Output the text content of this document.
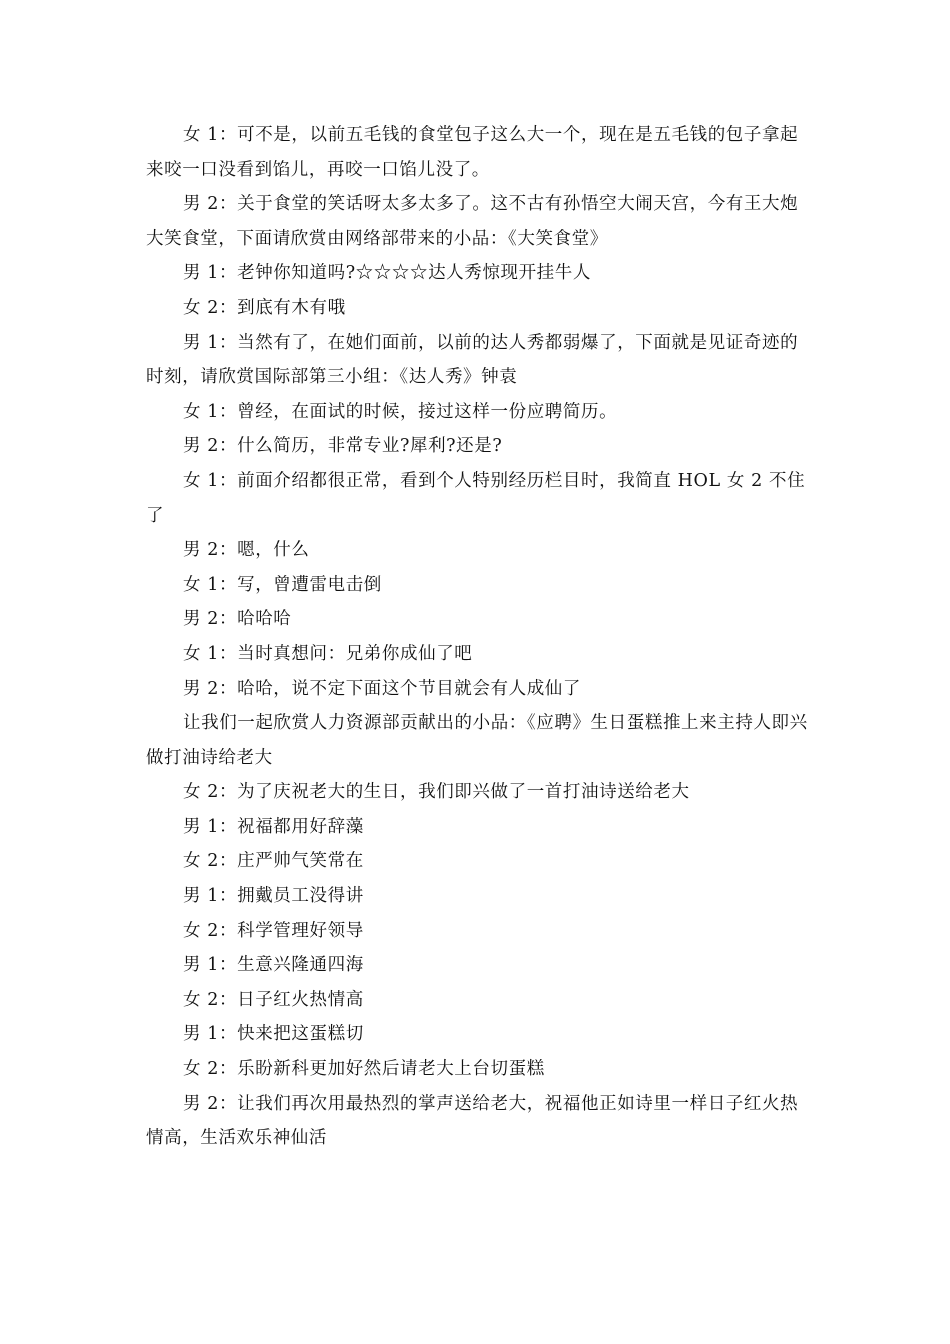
女 1：可不是，以前五毛钱的食堂包子这么大一个，现在是五毛钱的包子拿起来咬一口没看到馅儿，再咬一口馅儿没了。

男 2：关于食堂的笑话呀太多太多了。这不古有孙悟空大闹天宫，今有王大炮大笑食堂，下面请欣赏由网络部带来的小品：《大笑食堂》

男 1：老钟你知道吗?☆☆☆☆达人秀惊现开挂牛人

女 2：到底有木有哦

男 1：当然有了，在她们面前，以前的达人秀都弱爆了，下面就是见证奇迹的时刻，请欣赏国际部第三小组：《达人秀》钟袁

女 1：曾经，在面试的时候，接过这样一份应聘简历。

男 2：什么简历，非常专业?犀利?还是?

女 1：前面介绍都很正常，看到个人特别经历栏目时，我简直 HOL 女 2 不住了

男 2：嗯，什么

女 1：写，曾遭雷电击倒

男 2：哈哈哈

女 1：当时真想问：兄弟你成仙了吧

男 2：哈哈，说不定下面这个节目就会有人成仙了

让我们一起欣赏人力资源部贡献出的小品：《应聘》生日蛋糕推上来主持人即兴做打油诗给老大

女 2：为了庆祝老大的生日，我们即兴做了一首打油诗送给老大

男 1：祝福都用好辞藻

女 2：庄严帅气笑常在

男 1：拥戴员工没得讲

女 2：科学管理好领导

男 1：生意兴隆通四海

女 2：日子红火热情高

男 1：快来把这蛋糕切

女 2：乐盼新科更加好然后请老大上台切蛋糕

男 2：让我们再次用最热烈的掌声送给老大，祝福他正如诗里一样日子红火热情高，生活欢乐神仙活
